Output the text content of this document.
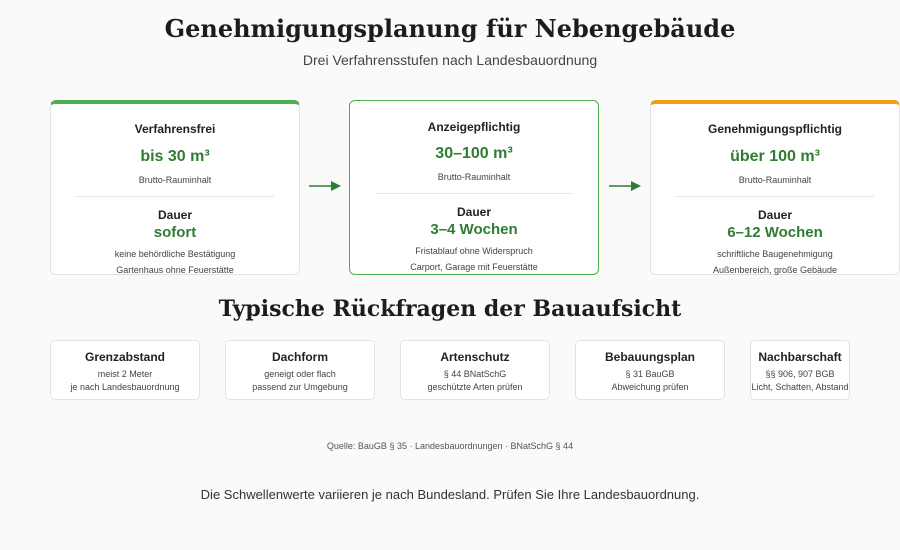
Genehmigungsplanung für Nebengebäude
Drei Verfahrensstufen nach Landesbauordnung
Verfahrensfrei
bis 30 m³
Brutto-Rauminhalt
Dauer
sofort
keine behördliche Bestätigung
Gartenhaus ohne Feuerstätte
Anzeigepflichtig
30–100 m³
Brutto-Rauminhalt
Dauer
3–4 Wochen
Fristablauf ohne Widerspruch
Carport, Garage mit Feuerstätte
Genehmigungspflichtig
über 100 m³
Brutto-Rauminhalt
Dauer
6–12 Wochen
schriftliche Baugenehmigung
Außenbereich, große Gebäude
Typische Rückfragen der Bauaufsicht
Grenzabstand
meist 2 Meter
je nach Landesbauordnung
Dachform
geneigt oder flach
passend zur Umgebung
Artenschutz
§ 44 BNatSchG
geschützte Arten prüfen
Bebauungsplan
§ 31 BauGB
Abweichung prüfen
Nachbarschaft
§§ 906, 907 BGB
Licht, Schatten, Abstand
Quelle: BauGB § 35 · Landesbauordnungen · BNatSchG § 44
Die Schwellenwerte variieren je nach Bundesland. Prüfen Sie Ihre Landesbauordnung.
